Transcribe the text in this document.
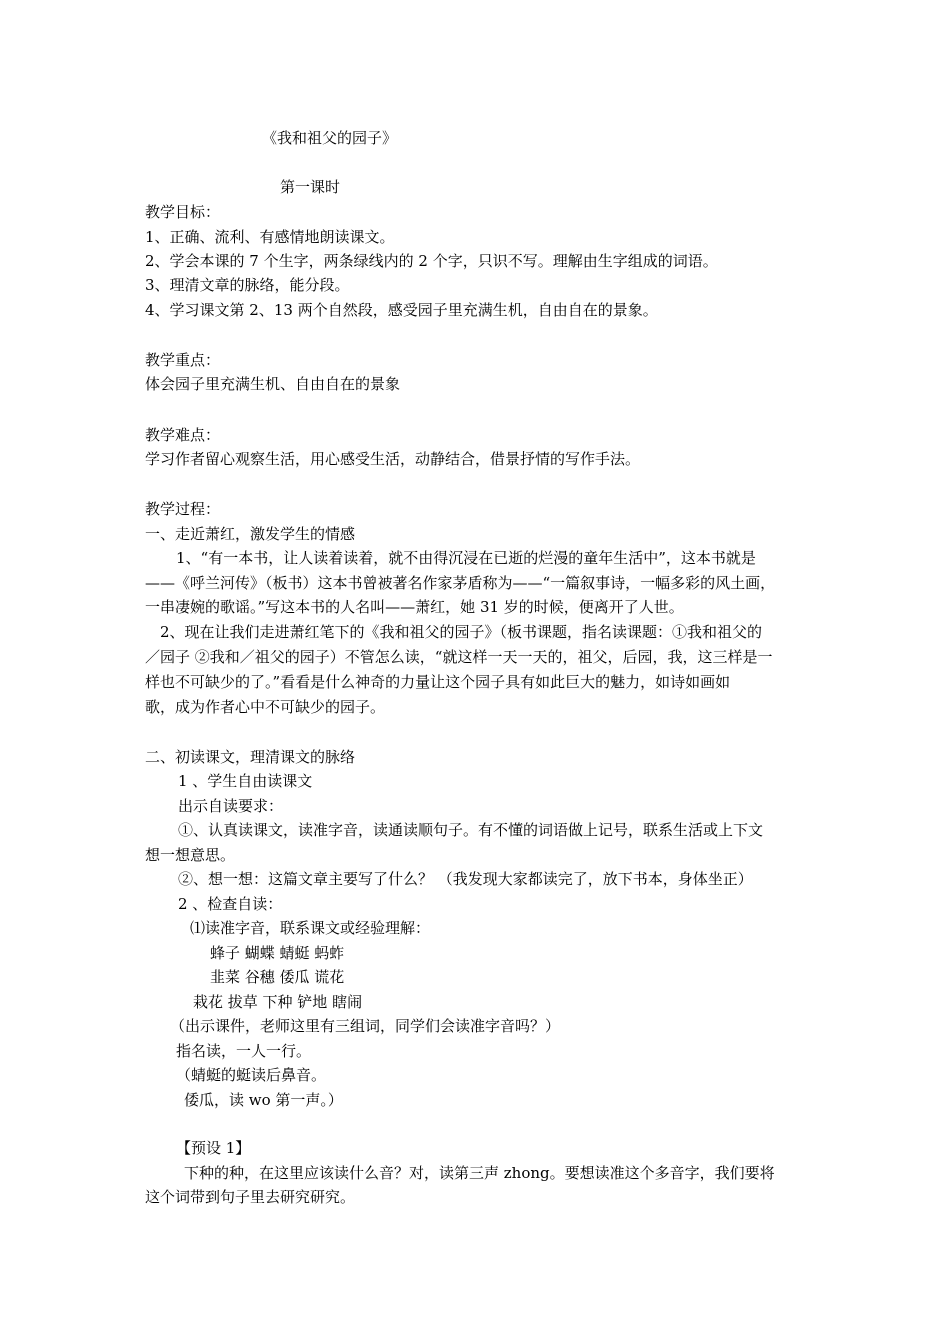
《我和祖父的园子》
第一课时
教学目标：
1、正确、流利、有感情地朗读课文。
2、学会本课的 7 个生字，两条绿线内的 2 个字，只识不写。理解由生字组成的词语。
3、理清文章的脉络，能分段。
4、学习课文第 2、13 两个自然段，感受园子里充满生机，自由自在的景象。
教学重点：
体会园子里充满生机、自由自在的景象
教学难点：
学习作者留心观察生活，用心感受生活，动静结合，借景抒情的写作手法。
教学过程：
一、走近萧红，激发学生的情感
1、“有一本书，让人读着读着，就不由得沉浸在已逝的烂漫的童年生活中”，这本书就是
——《呼兰河传》（板书）这本书曾被著名作家茅盾称为——“一篇叙事诗，一幅多彩的风土画，
一串凄婉的歌谣。”写这本书的人名叫——萧红，她 31 岁的时候，便离开了人世。
2、现在让我们走进萧红笔下的《我和祖父的园子》（板书课题，指名读课题：①我和祖父的
／园子 ②我和／祖父的园子）不管怎么读，“就这样一天一天的，祖父，后园，我，这三样是一
样也不可缺少的了。”看看是什么神奇的力量让这个园子具有如此巨大的魅力，如诗如画如
歌，成为作者心中不可缺少的园子。
二、初读课文，理清课文的脉络
1 、学生自由读课文
出示自读要求：
①、认真读课文，读准字音，读通读顺句子。有不懂的词语做上记号，联系生活或上下文
想一想意思。
②、想一想：这篇文章主要写了什么？ （我发现大家都读完了，放下书本，身体坐正）
2 、检查自读：
⑴读准字音，联系课文或经验理解：
蜂子 蝴蝶 蜻蜓 蚂蚱
韭菜 谷穗 倭瓜 谎花
栽花 拔草 下种 铲地 瞎闹
（出示课件，老师这里有三组词，同学们会读准字音吗？）
指名读，一人一行。
（蜻蜓的蜓读后鼻音。
倭瓜，读 wo 第一声。）
【预设 1】
下种的种，在这里应该读什么音？对，读第三声 zhong。要想读准这个多音字，我们要将
这个词带到句子里去研究研究。
